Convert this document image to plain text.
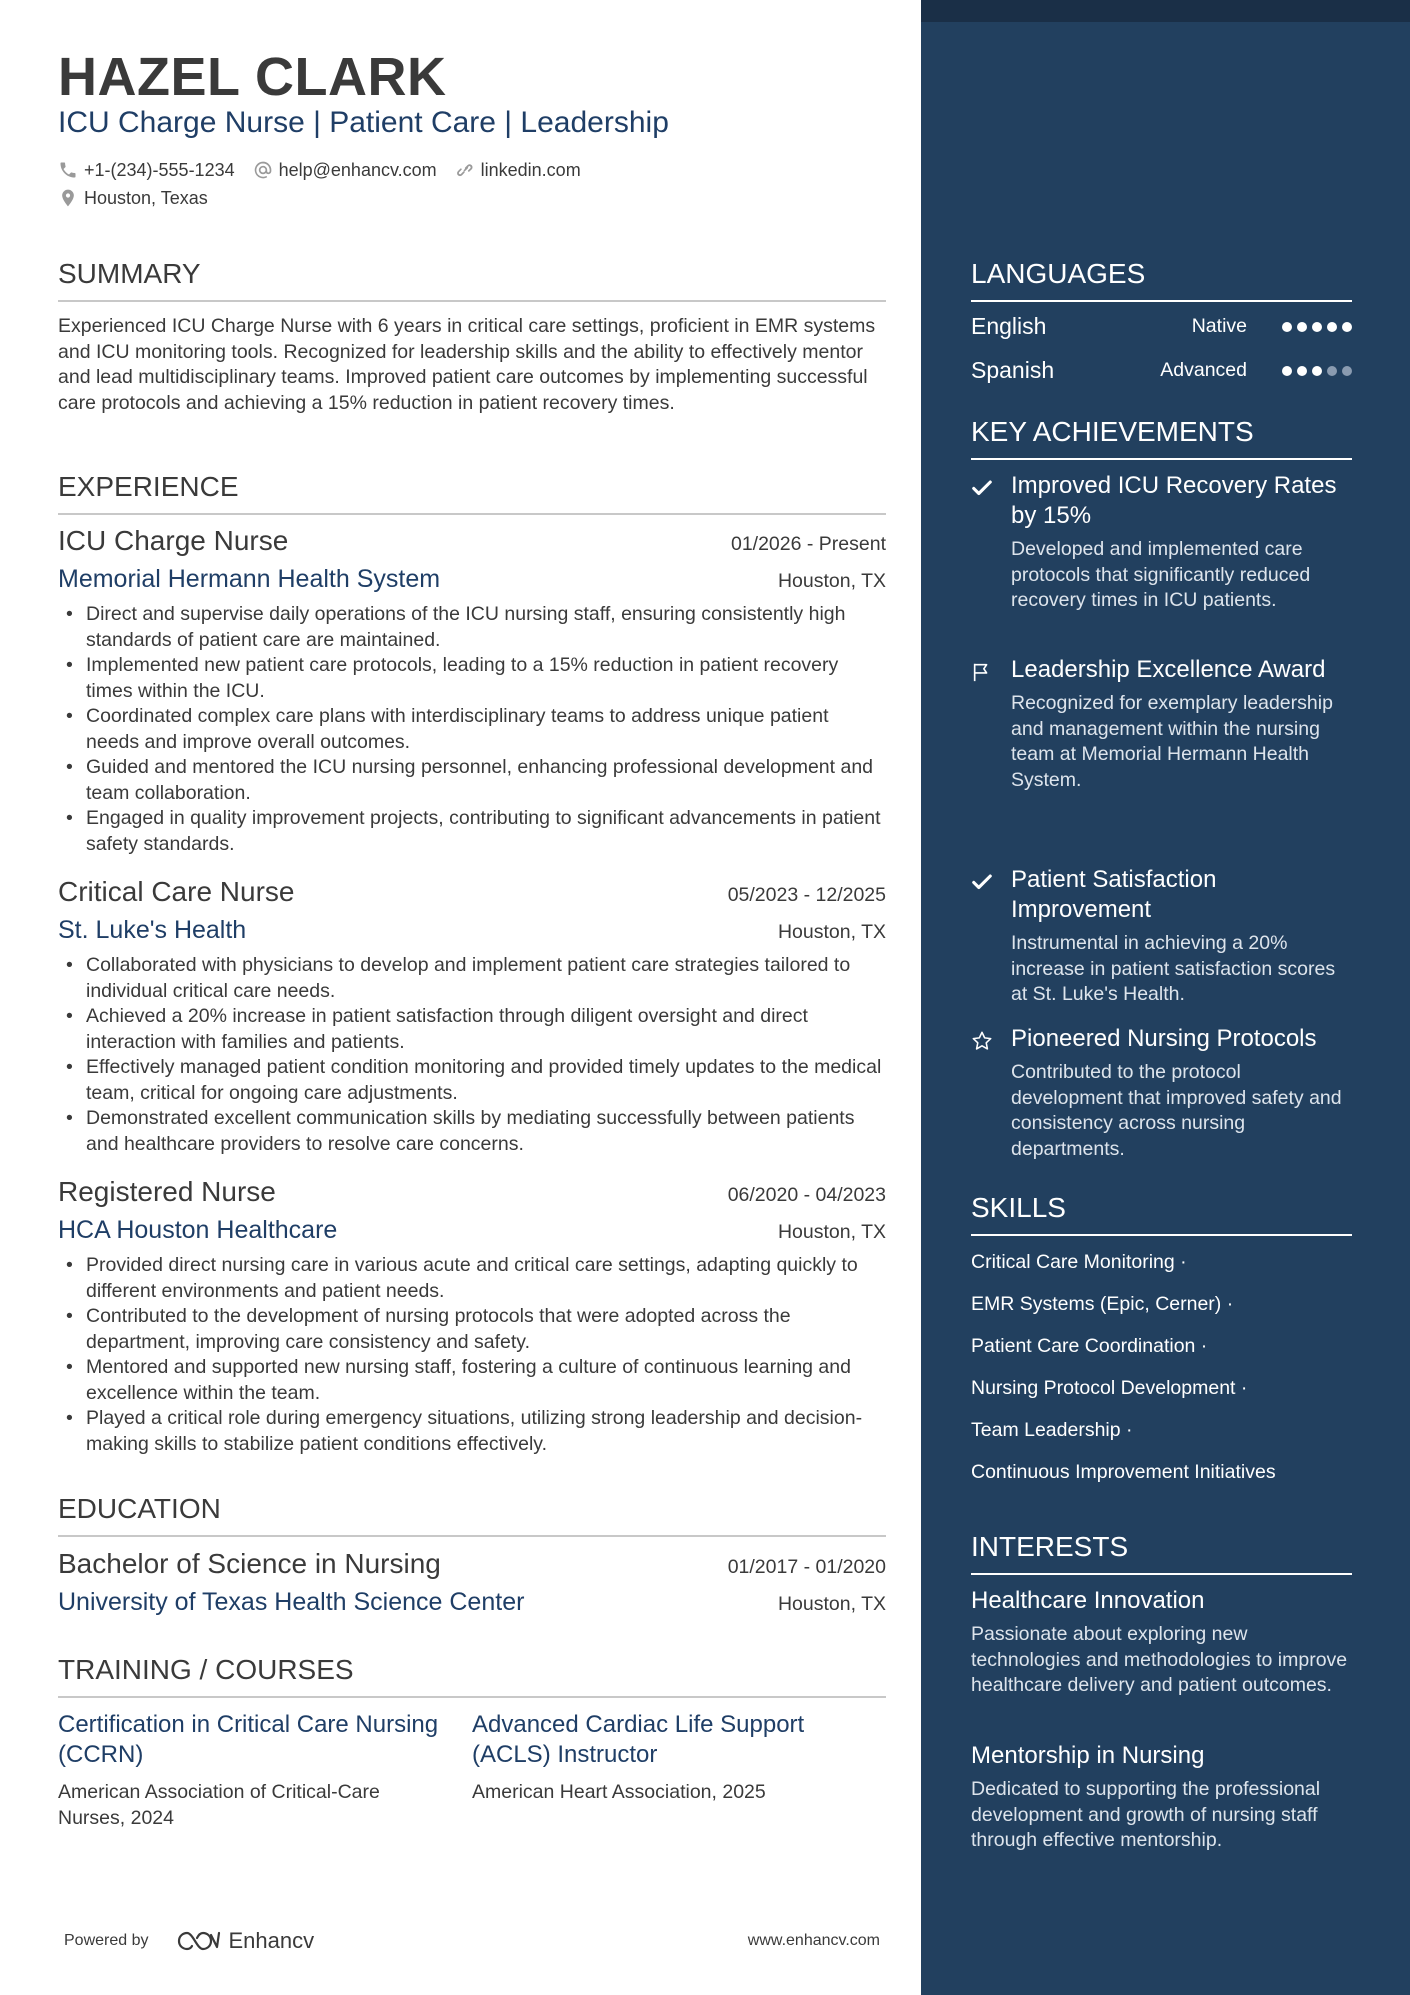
HAZEL CLARK
ICU Charge Nurse | Patient Care | Leadership
+1-(234)-555-1234 help@enhancv.com linkedin.com
Houston, Texas
SUMMARY
Experienced ICU Charge Nurse with 6 years in critical care settings, proficient in EMR systems and ICU monitoring tools. Recognized for leadership skills and the ability to effectively mentor and lead multidisciplinary teams. Improved patient care outcomes by implementing successful care protocols and achieving a 15% reduction in patient recovery times.
EXPERIENCE
ICU Charge Nurse	01/2026 - Present
Memorial Hermann Health System	Houston, TX
• Direct and supervise daily operations of the ICU nursing staff, ensuring consistently high standards of patient care are maintained.
• Implemented new patient care protocols, leading to a 15% reduction in patient recovery times within the ICU.
• Coordinated complex care plans with interdisciplinary teams to address unique patient needs and improve overall outcomes.
• Guided and mentored the ICU nursing personnel, enhancing professional development and team collaboration.
• Engaged in quality improvement projects, contributing to significant advancements in patient safety standards.
Critical Care Nurse	05/2023 - 12/2025
St. Luke's Health	Houston, TX
• Collaborated with physicians to develop and implement patient care strategies tailored to individual critical care needs.
• Achieved a 20% increase in patient satisfaction through diligent oversight and direct interaction with families and patients.
• Effectively managed patient condition monitoring and provided timely updates to the medical team, critical for ongoing care adjustments.
• Demonstrated excellent communication skills by mediating successfully between patients and healthcare providers to resolve care concerns.
Registered Nurse	06/2020 - 04/2023
HCA Houston Healthcare	Houston, TX
• Provided direct nursing care in various acute and critical care settings, adapting quickly to different environments and patient needs.
• Contributed to the development of nursing protocols that were adopted across the department, improving care consistency and safety.
• Mentored and supported new nursing staff, fostering a culture of continuous learning and excellence within the team.
• Played a critical role during emergency situations, utilizing strong leadership and decision-making skills to stabilize patient conditions effectively.
EDUCATION
Bachelor of Science in Nursing	01/2017 - 01/2020
University of Texas Health Science Center	Houston, TX
TRAINING / COURSES
Certification in Critical Care Nursing (CCRN)
American Association of Critical-Care Nurses, 2024
Advanced Cardiac Life Support (ACLS) Instructor
American Heart Association, 2025
Powered by	Enhancv	www.enhancv.com
LANGUAGES
English	Native
Spanish	Advanced
KEY ACHIEVEMENTS
Improved ICU Recovery Rates by 15%
Developed and implemented care protocols that significantly reduced recovery times in ICU patients.
Leadership Excellence Award
Recognized for exemplary leadership and management within the nursing team at Memorial Hermann Health System.
Patient Satisfaction Improvement
Instrumental in achieving a 20% increase in patient satisfaction scores at St. Luke's Health.
Pioneered Nursing Protocols
Contributed to the protocol development that improved safety and consistency across nursing departments.
SKILLS
Critical Care Monitoring ·
EMR Systems (Epic, Cerner) ·
Patient Care Coordination ·
Nursing Protocol Development ·
Team Leadership ·
Continuous Improvement Initiatives
INTERESTS
Healthcare Innovation
Passionate about exploring new technologies and methodologies to improve healthcare delivery and patient outcomes.
Mentorship in Nursing
Dedicated to supporting the professional development and growth of nursing staff through effective mentorship.
